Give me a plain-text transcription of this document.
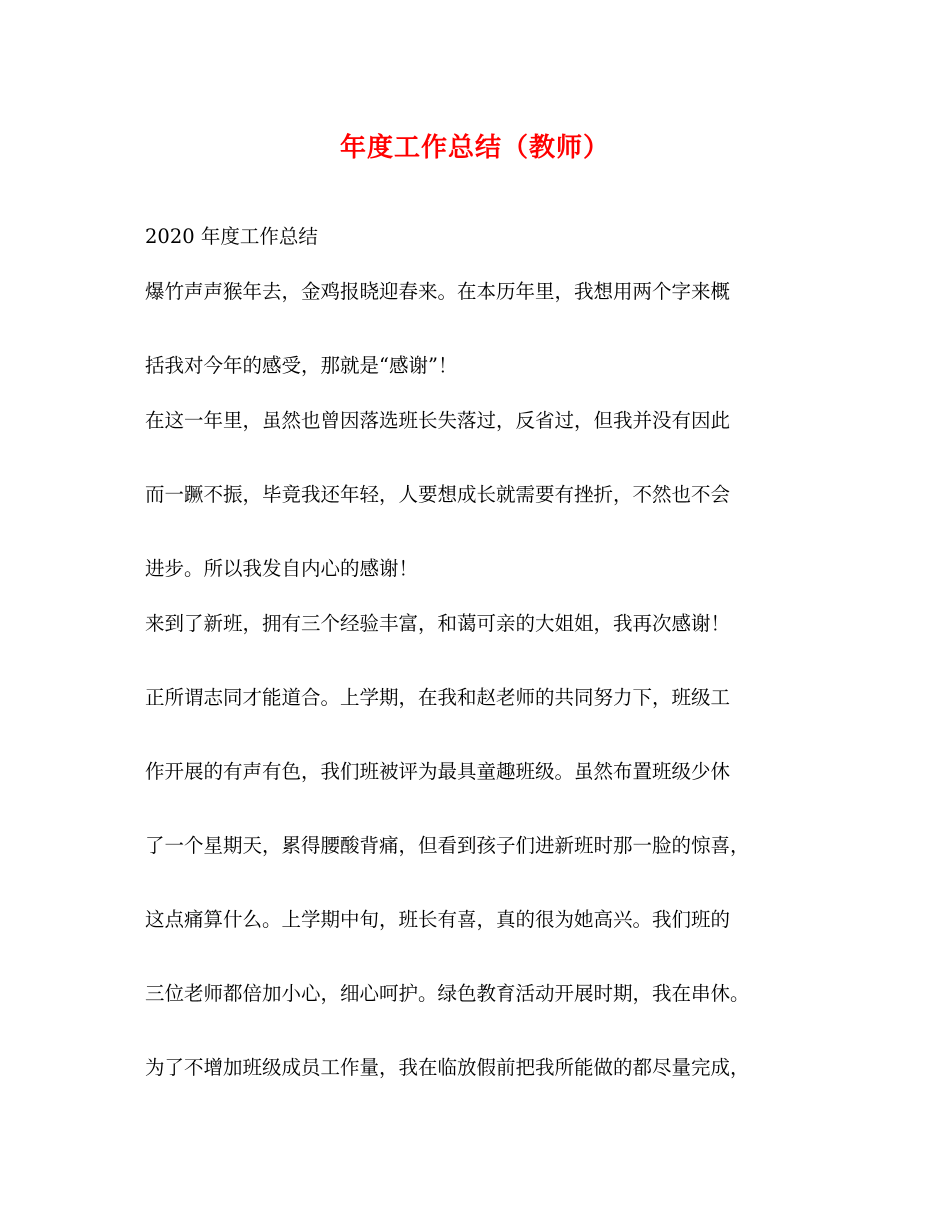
年度工作总结（教师）
2020 年度工作总结
爆竹声声猴年去，金鸡报晓迎春来。在本历年里，我想用两个字来概
括我对今年的感受，那就是“感谢”！
在这一年里，虽然也曾因落选班长失落过，反省过，但我并没有因此
而一蹶不振，毕竟我还年轻，人要想成长就需要有挫折，不然也不会
进步。所以我发自内心的感谢！
来到了新班，拥有三个经验丰富，和蔼可亲的大姐姐，我再次感谢！
正所谓志同才能道合。上学期，在我和赵老师的共同努力下，班级工
作开展的有声有色，我们班被评为最具童趣班级。虽然布置班级少休
了一个星期天，累得腰酸背痛，但看到孩子们进新班时那一脸的惊喜，
这点痛算什么。上学期中旬，班长有喜，真的很为她高兴。我们班的
三位老师都倍加小心，细心呵护。绿色教育活动开展时期，我在串休。
为了不增加班级成员工作量，我在临放假前把我所能做的都尽量完成，
